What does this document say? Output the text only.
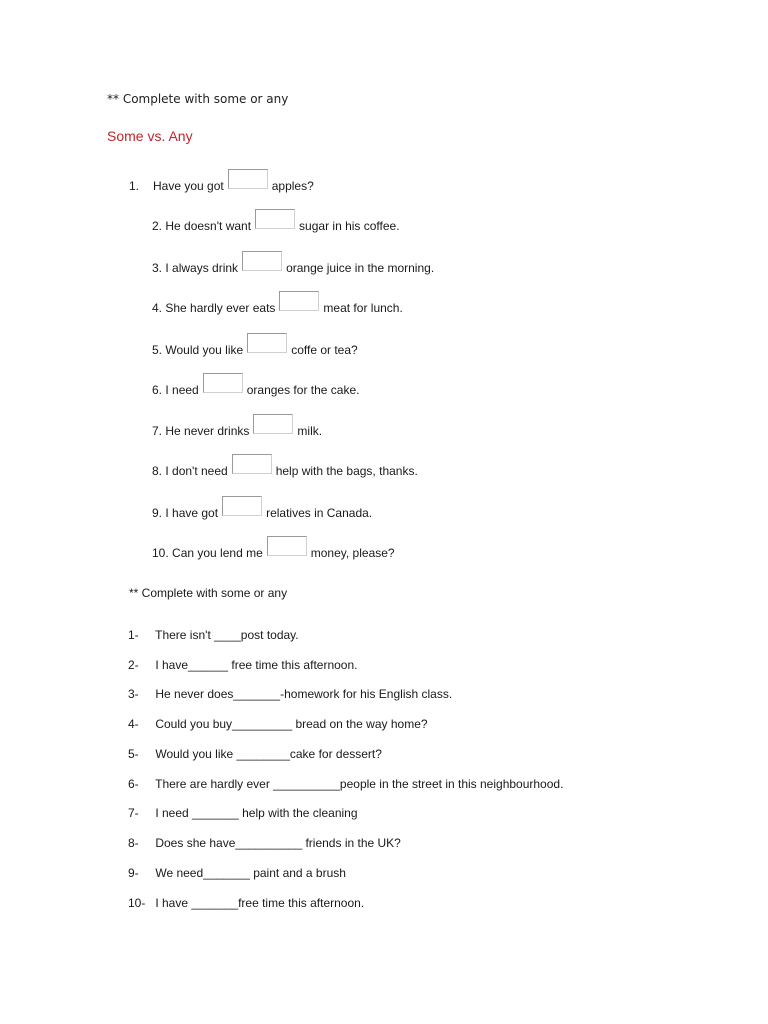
** Complete with some or any
Some vs. Any
1.	Have you got	apples?
2.
He doesn't want	sugar in his coffee.
3.
I always drink	orange juice in the morning.
4.
She hardly ever eats	meat for lunch.
5.
Would you like	coffe or tea?
6.
I need	oranges for the cake.
7.
He never drinks	milk.
8.
I don't need	help with the bags, thanks.
9.
I have got	relatives in Canada.
10.
Can you lend me	money, please?
** Complete with some or any
1- There isn't ____post today.
2- I have______ free time this afternoon.
3- He never does_______-homework for his English class.
4- Could you buy_________ bread on the way home?
5- Would you like ________cake for dessert?
6- There are hardly ever __________people in the street in this neighbourhood.
7- I need _______ help with the cleaning
8- Does she have__________ friends in the UK?
9- We need_______ paint and a brush
10- I have _______free time this afternoon.
